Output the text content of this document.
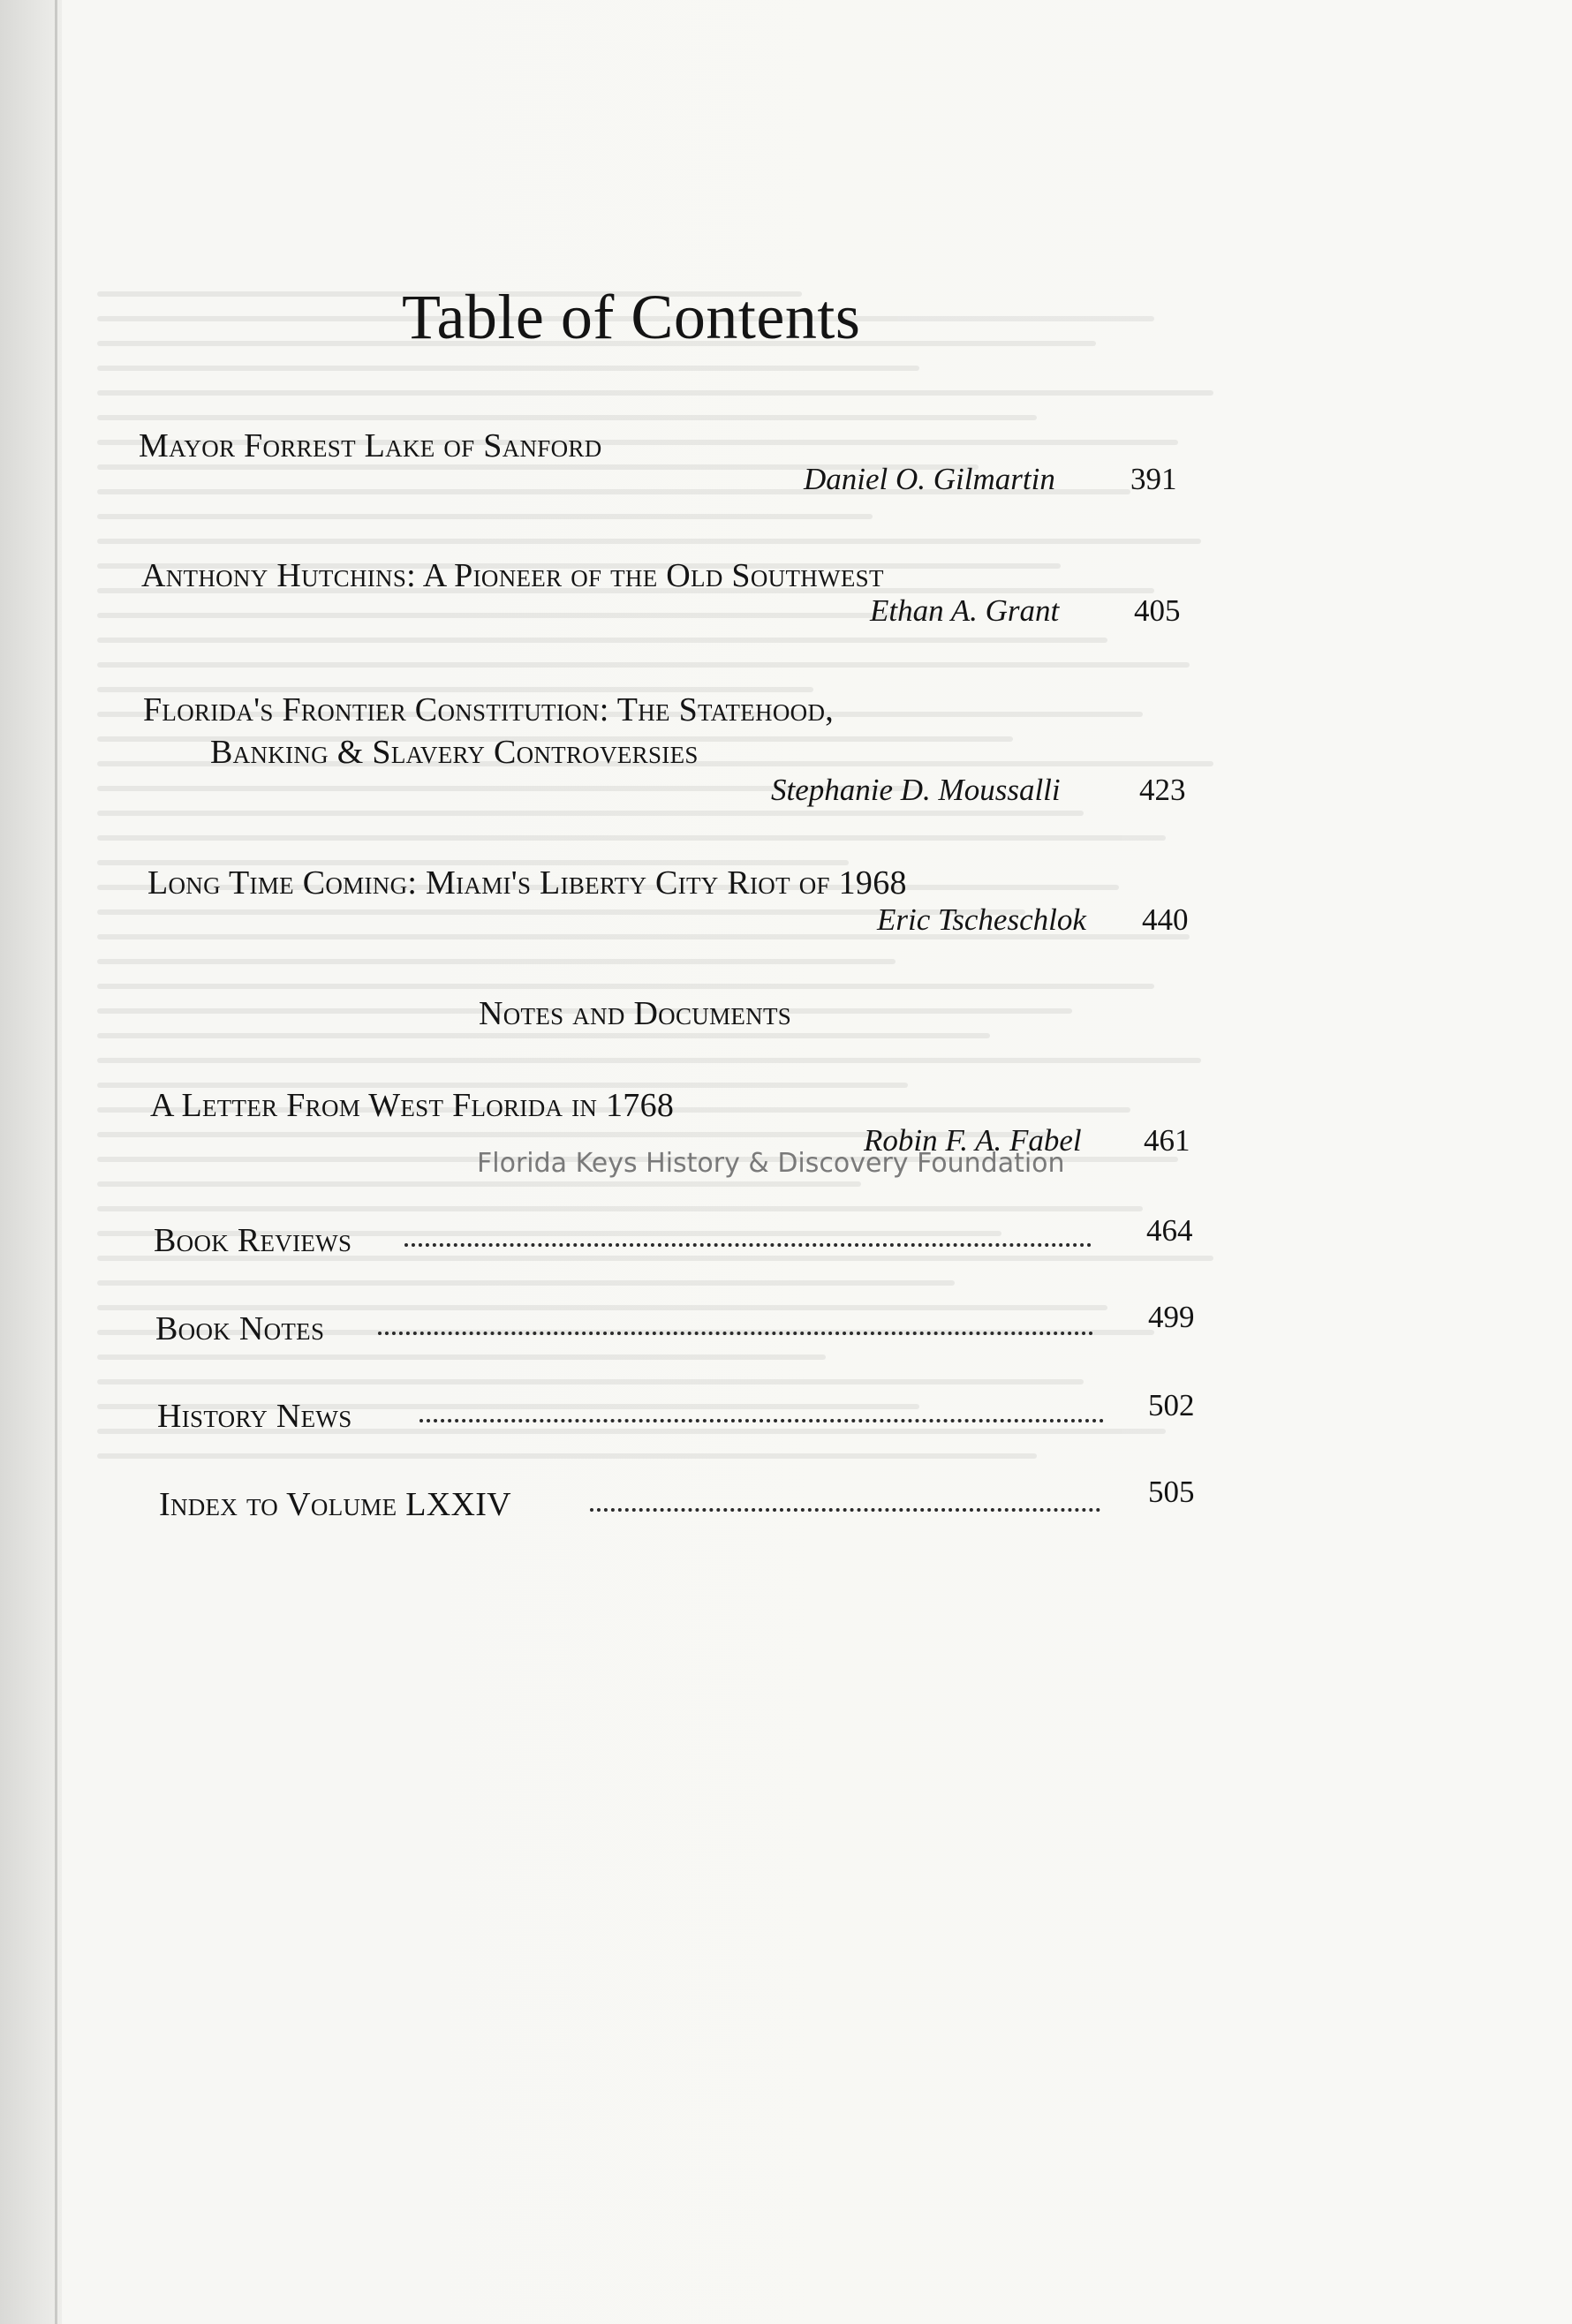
Table of Contents
Mayor Forrest Lake of Sanford
Daniel O. Gilmartin 391
Anthony Hutchins: A Pioneer of the Old Southwest
Ethan A. Grant 405
Florida's Frontier Constitution: The Statehood,
Banking & Slavery Controversies
Stephanie D. Moussalli	423
Long Time Coming: Miami's Liberty City Riot of 1968
Eric Tscheschlok 440
Notes and Documents
A Letter From West Florida in 1768
Robin F. A. Fabel 461
Florida Keys History & Discovery Foundation
Book Reviews	464
Book Notes	499
History News	502
Index to Volume LXXIV	505
